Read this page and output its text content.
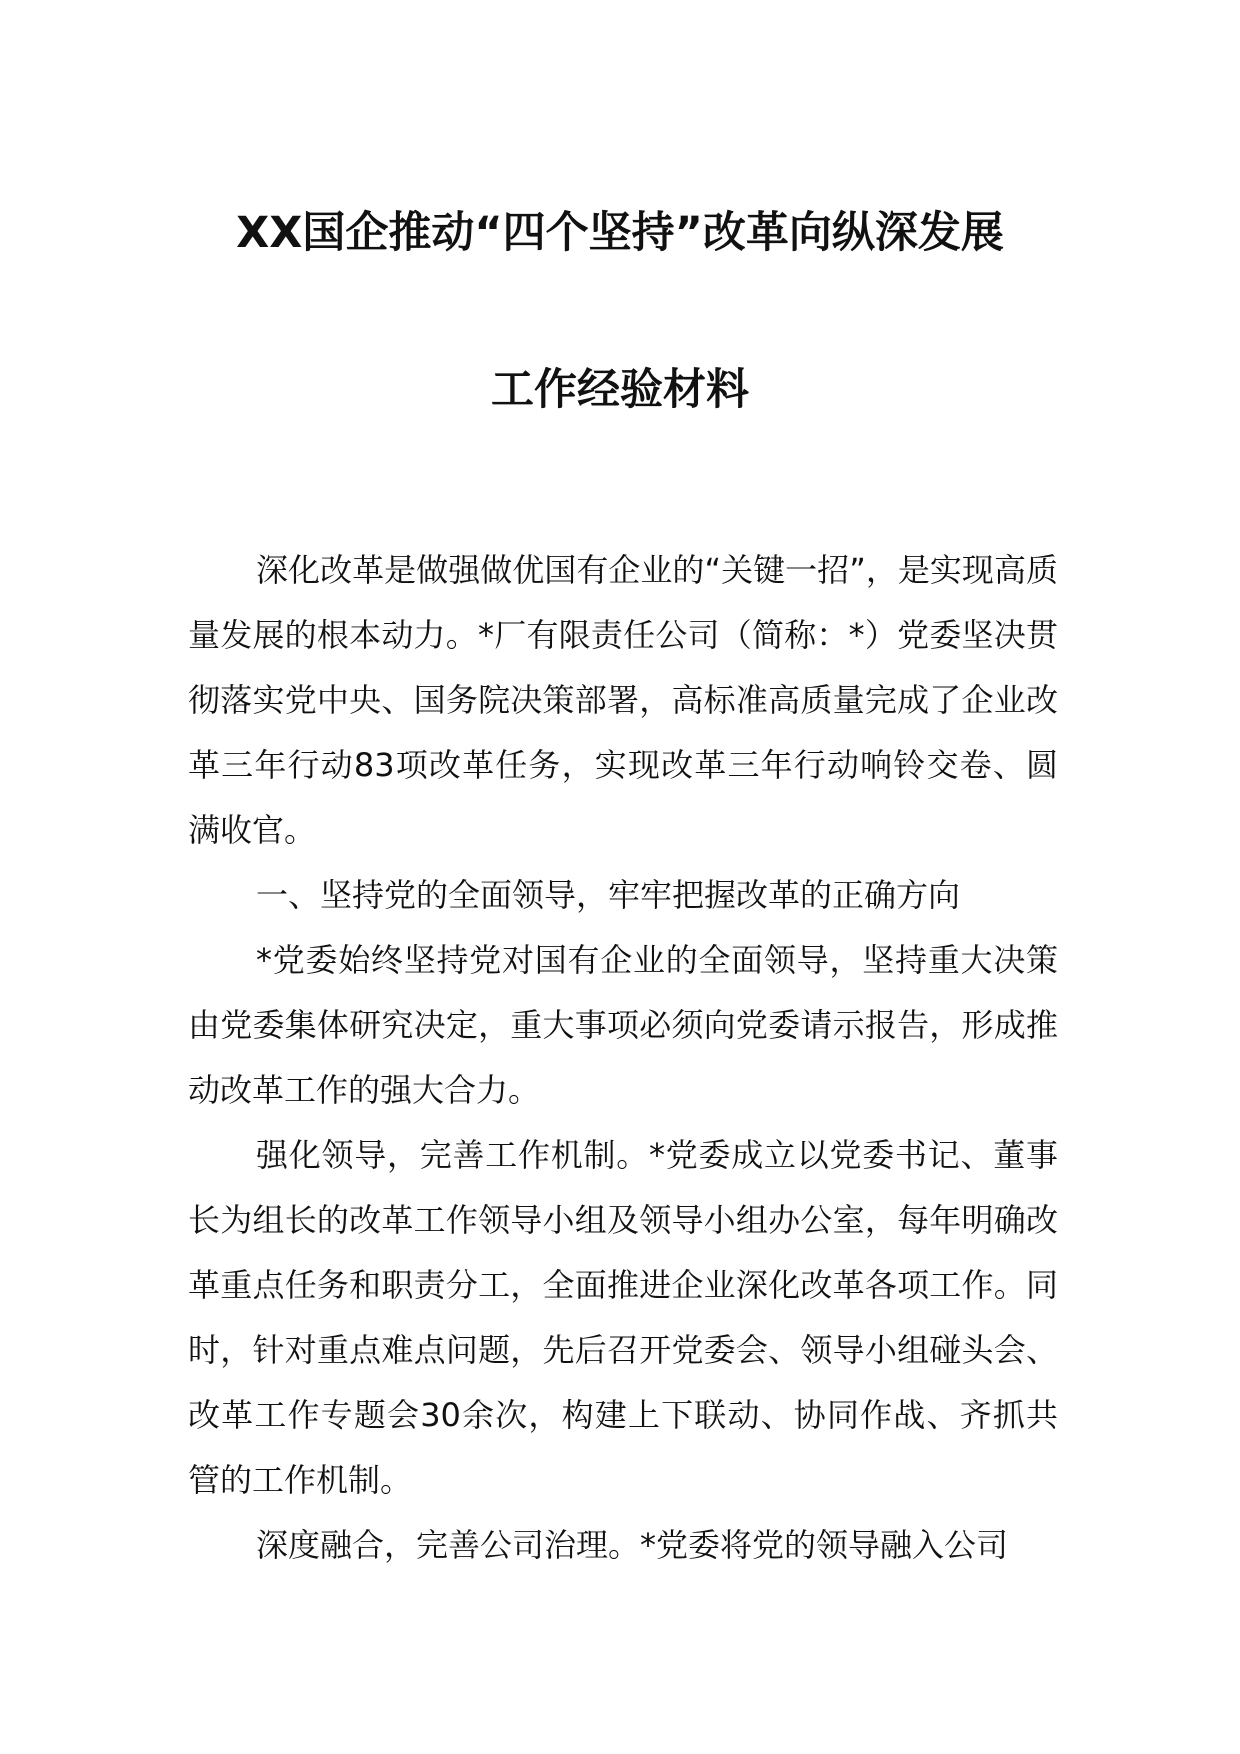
XX国企推动“四个坚持”改革向纵深发展
工作经验材料

深化改革是做强做优国有企业的“关键一招”，是实现高质量发展的根本动力。*厂有限责任公司（简称：*）党委坚决贯彻落实党中央、国务院决策部署，高标准高质量完成了企业改革三年行动83项改革任务，实现改革三年行动响铃交卷、圆满收官。

一、坚持党的全面领导，牢牢把握改革的正确方向

*党委始终坚持党对国有企业的全面领导，坚持重大决策由党委集体研究决定，重大事项必须向党委请示报告，形成推动改革工作的强大合力。

强化领导，完善工作机制。*党委成立以党委书记、董事长为组长的改革工作领导小组及领导小组办公室，每年明确改革重点任务和职责分工，全面推进企业深化改革各项工作。同时，针对重点难点问题，先后召开党委会、领导小组碰头会、改革工作专题会30余次，构建上下联动、协同作战、齐抓共管的工作机制。

深度融合，完善公司治理。*党委将党的领导融入公司
